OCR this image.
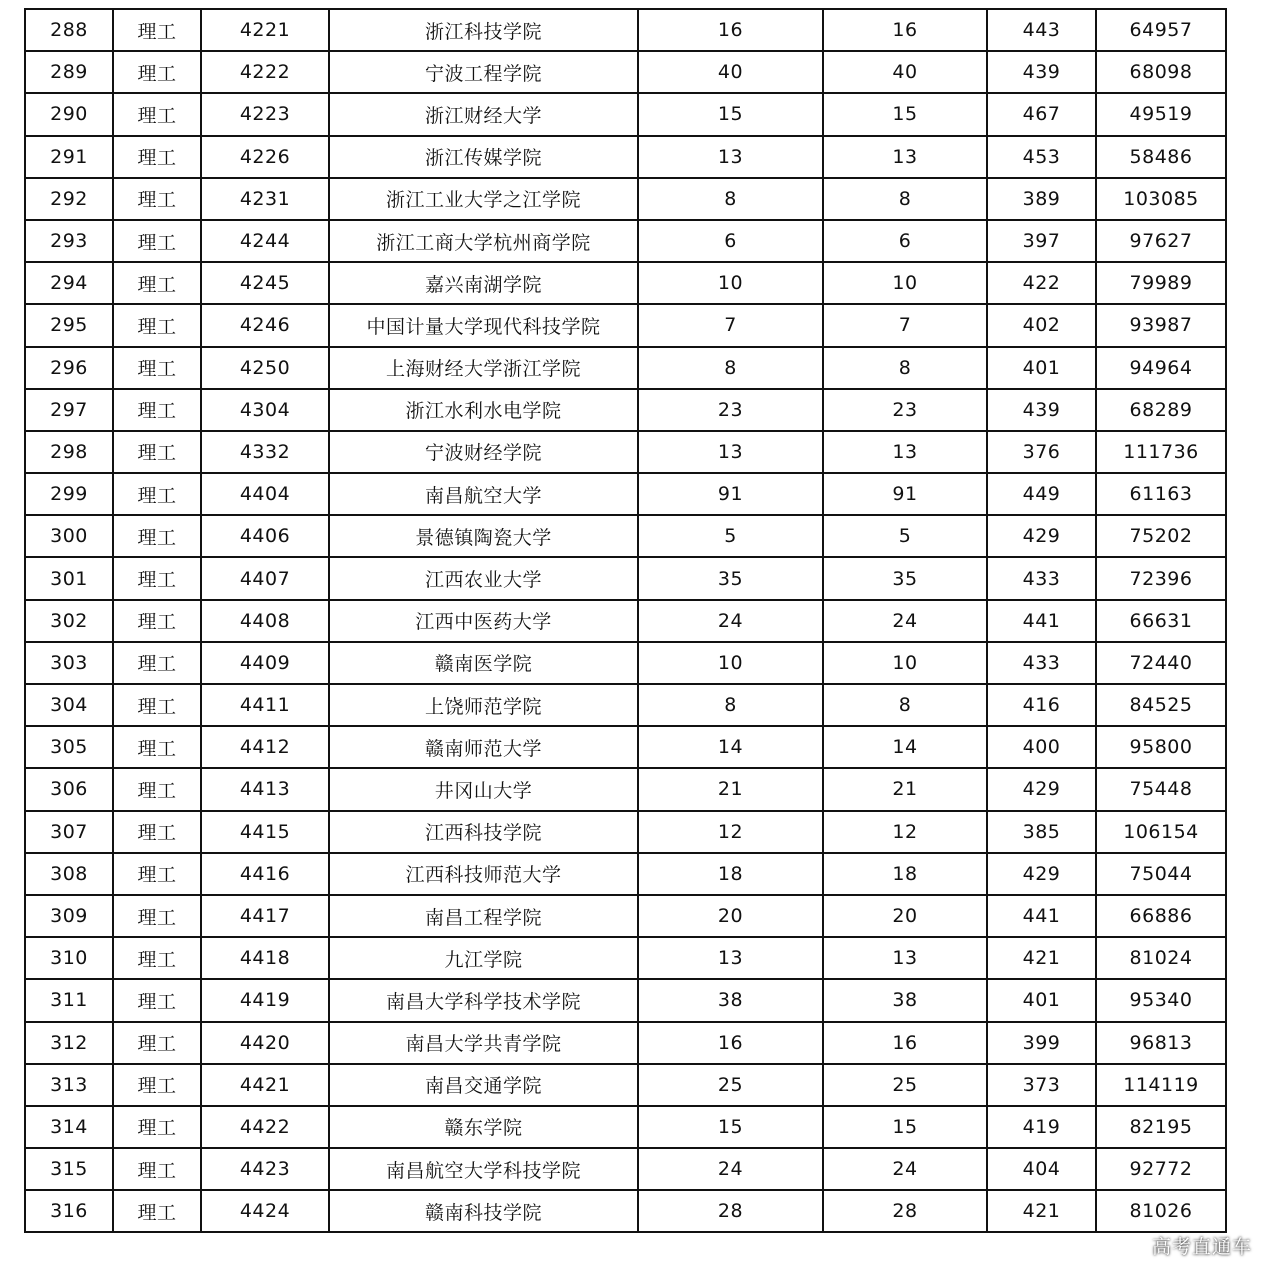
288	理工	4221	浙江科技学院	16	16	443	64957
289	理工	4222	宁波工程学院	40	40	439	68098
290	理工	4223	浙江财经大学	15	15	467	49519
291	理工	4226	浙江传媒学院	13	13	453	58486
292	理工	4231	浙江工业大学之江学院	8	8	389	103085
293	理工	4244	浙江工商大学杭州商学院	6	6	397	97627
294	理工	4245	嘉兴南湖学院	10	10	422	79989
295	理工	4246	中国计量大学现代科技学院	7	7	402	93987
296	理工	4250	上海财经大学浙江学院	8	8	401	94964
297	理工	4304	浙江水利水电学院	23	23	439	68289
298	理工	4332	宁波财经学院	13	13	376	111736
299	理工	4404	南昌航空大学	91	91	449	61163
300	理工	4406	景德镇陶瓷大学	5	5	429	75202
301	理工	4407	江西农业大学	35	35	433	72396
302	理工	4408	江西中医药大学	24	24	441	66631
303	理工	4409	赣南医学院	10	10	433	72440
304	理工	4411	上饶师范学院	8	8	416	84525
305	理工	4412	赣南师范大学	14	14	400	95800
306	理工	4413	井冈山大学	21	21	429	75448
307	理工	4415	江西科技学院	12	12	385	106154
308	理工	4416	江西科技师范大学	18	18	429	75044
309	理工	4417	南昌工程学院	20	20	441	66886
310	理工	4418	九江学院	13	13	421	81024
311	理工	4419	南昌大学科学技术学院	38	38	401	95340
312	理工	4420	南昌大学共青学院	16	16	399	96813
313	理工	4421	南昌交通学院	25	25	373	114119
314	理工	4422	赣东学院	15	15	419	82195
315	理工	4423	南昌航空大学科技学院	24	24	404	92772
316	理工	4424	赣南科技学院	28	28	421	81026
高考直通车
